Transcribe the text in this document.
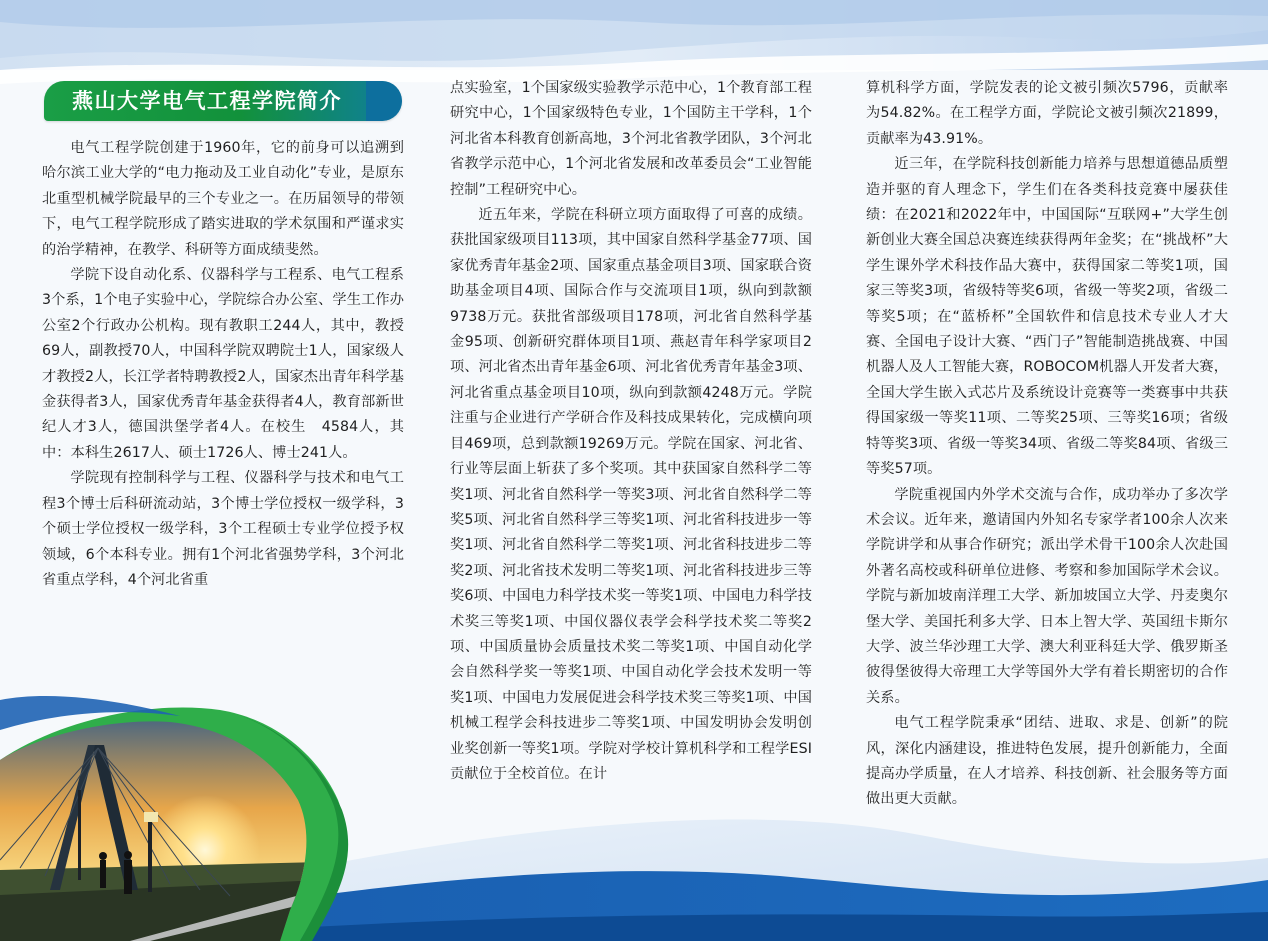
燕山大学电气工程学院简介

电气工程学院创建于1960年，它的前身可以追溯到哈尔滨工业大学的“电力拖动及工业自动化”专业，是原东北重型机械学院最早的三个专业之一。在历届领导的带领下，电气工程学院形成了踏实进取的学术氛围和严谨求实的治学精神，在教学、科研等方面成绩斐然。

学院下设自动化系、仪器科学与工程系、电气工程系3个系，1个电子实验中心，学院综合办公室、学生工作办公室2个行政办公机构。现有教职工244人，其中，教授69人，副教授70人，中国科学院双聘院士1人，国家级人才教授2人，长江学者特聘教授2人，国家杰出青年科学基金获得者3人，国家优秀青年基金获得者4人，教育部新世纪人才3人，德国洪堡学者4人。在校生　4584人，其中：本科生2617人、硕士1726人、博士241人。

学院现有控制科学与工程、仪器科学与技术和电气工程3个博士后科研流动站，3个博士学位授权一级学科，3个硕士学位授权一级学科，3个工程硕士专业学位授予权领域，6个本科专业。拥有1个河北省强势学科，3个河北省重点学科，4个河北省重

点实验室，1个国家级实验教学示范中心，1个教育部工程研究中心，1个国家级特色专业，1个国防主干学科，1个河北省本科教育创新高地，3个河北省教学团队，3个河北省教学示范中心，1个河北省发展和改革委员会“工业智能控制”工程研究中心。

近五年来，学院在科研立项方面取得了可喜的成绩。获批国家级项目113项，其中国家自然科学基金77项、国家优秀青年基金2项、国家重点基金项目3项、国家联合资助基金项目4项、国际合作与交流项目1项，纵向到款额9738万元。获批省部级项目178项，河北省自然科学基金95项、创新研究群体项目1项、燕赵青年科学家项目2项、河北省杰出青年基金6项、河北省优秀青年基金3项、河北省重点基金项目10项，纵向到款额4248万元。学院注重与企业进行产学研合作及科技成果转化，完成横向项目469项，总到款额19269万元。学院在国家、河北省、行业等层面上斩获了多个奖项。其中获国家自然科学二等奖1项、河北省自然科学一等奖3项、河北省自然科学二等奖5项、河北省自然科学三等奖1项、河北省科技进步一等奖1项、河北省自然科学二等奖1项、河北省科技进步二等奖2项、河北省技术发明二等奖1项、河北省科技进步三等奖6项、中国电力科学技术奖一等奖1项、中国电力科学技术奖三等奖1项、中国仪器仪表学会科学技术奖二等奖2项、中国质量协会质量技术奖二等奖1项、中国自动化学会自然科学奖一等奖1项、中国自动化学会技术发明一等奖1项、中国电力发展促进会科学技术奖三等奖1项、中国机械工程学会科技进步二等奖1项、中国发明协会发明创业奖创新一等奖1项。学院对学校计算机科学和工程学ESI贡献位于全校首位。在计

算机科学方面，学院发表的论文被引频次5796，贡献率为54.82%。在工程学方面，学院论文被引频次21899，贡献率为43.91%。

近三年，在学院科技创新能力培养与思想道德品质塑造并驱的育人理念下，学生们在各类科技竞赛中屡获佳绩：在2021和2022年中，中国国际“互联网+”大学生创新创业大赛全国总决赛连续获得两年金奖；在“挑战杯”大学生课外学术科技作品大赛中，获得国家二等奖1项，国家三等奖3项，省级特等奖6项，省级一等奖2项，省级二等奖5项；在“蓝桥杯”全国软件和信息技术专业人才大赛、全国电子设计大赛、“西门子”智能制造挑战赛、中国机器人及人工智能大赛，ROBOCOM机器人开发者大赛，全国大学生嵌入式芯片及系统设计竞赛等一类赛事中共获得国家级一等奖11项、二等奖25项、三等奖16项；省级特等奖3项、省级一等奖34项、省级二等奖84项、省级三等奖57项。

学院重视国内外学术交流与合作，成功举办了多次学术会议。近年来，邀请国内外知名专家学者100余人次来学院讲学和从事合作研究；派出学术骨干100余人次赴国外著名高校或科研单位进修、考察和参加国际学术会议。学院与新加坡南洋理工大学、新加坡国立大学、丹麦奥尔堡大学、美国托利多大学、日本上智大学、英国纽卡斯尔大学、波兰华沙理工大学、澳大利亚科廷大学、俄罗斯圣彼得堡彼得大帝理工大学等国外大学有着长期密切的合作关系。

电气工程学院秉承“团结、进取、求是、创新”的院风，深化内涵建设，推进特色发展，提升创新能力，全面提高办学质量，在人才培养、科技创新、社会服务等方面做出更大贡献。
